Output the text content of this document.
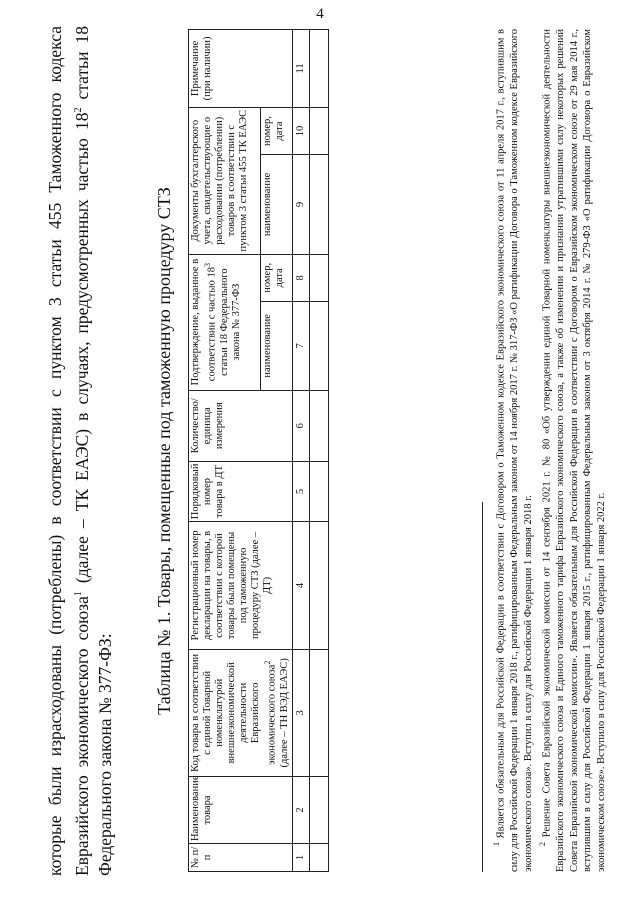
4
которые были израсходованы (потреблены) в соответствии с пунктом 3 статьи 455 Таможенного кодекса Евразийского экономического союза$^1$ (далее – ТК ЕАЭС) в случаях, предусмотренных частью $18^2$ статьи 18 Федерального закона № 377-ФЗ:
Таблица № 1. Товары, помещенные под таможенную процедуру СТЗ
№ п/п	Наименование товара	Код товара в соответствии с единой Товарной номенклатурой внешнеэкономической деятельности Евразийского экономического союза$^2$ (далее – ТН ВЭД ЕАЭС)	Регистрационный номер декларации на товары, в соответствии с которой товары были помещены под таможенную процедуру СТЗ (далее – ДТ)	Порядковый номер товара в ДТ	Количество/ единица измерения	Подтверждение, выданное в соответствии с частью $18^3$ статьи 18 Федерального закона № 377-ФЗ		Документы бухгалтерского учета, свидетельствующие о расходовании (потреблении) товаров в соответствии с пунктом 3 статьи 455 ТК ЕАЭС		Примечание (при наличии)
						наименование	номер, дата	наименование	номер, дата	
1	2	3	4	5	6	7	8	9	10	11

$^1$ Является обязательным для Российской Федерации в соответствии с Договором о Таможенном кодексе Евразийского экономического союза от 11 апреля 2017 г., вступившим в силу для Российской Федерации 1 января 2018 г., ратифицированным Федеральным законом от 14 ноября 2017 г. № 317-ФЗ «О ратификации Договора о Таможенном кодексе Евразийского экономического союза». Вступил в силу для Российской Федерации 1 января 2018 г. $^2$ Решение Совета Евразийской экономической комиссии от 14 сентября 2021 г. № 80 «Об утверждении единой Товарной номенклатуры внешнеэкономической деятельности Евразийского экономического союза и Единого таможенного тарифа Евразийского экономического союза, а также об изменении и признании утратившими силу некоторых решений Совета Евразийской экономической комиссии». Является обязательным для Российской Федерации в соответствии с Договором о Евразийском экономическом союзе от 29 мая 2014 г., вступившим в силу для Российской Федерации 1 января 2015 г., ратифицированным Федеральным законом от 3 октября 2014 г. № 279-ФЗ «О ратификации Договора о Евразийском экономическом союзе». Вступило в силу для Российской Федерации 1 января 2022 г.
